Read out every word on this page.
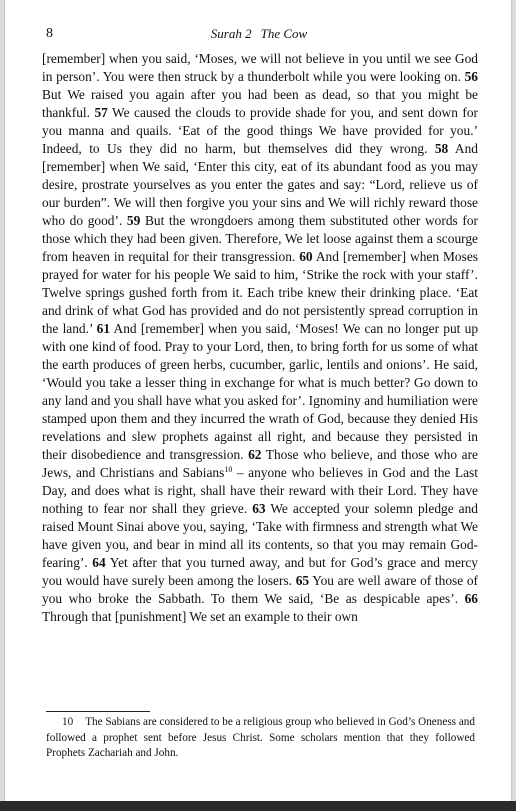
8	Surah 2 The Cow
[remember] when you said, ‘Moses, we will not believe in you until we see God in person’. You were then struck by a thunderbolt while you were looking on. 56 But We raised you again after you had been as dead, so that you might be thankful. 57 We caused the clouds to provide shade for you, and sent down for you manna and quails. ‘Eat of the good things We have provided for you.’ Indeed, to Us they did no harm, but themselves did they wrong. 58 And [remember] when We said, ‘Enter this city, eat of its abundant food as you may desire, prostrate yourselves as you enter the gates and say: “Lord, relieve us of our burden”. We will then forgive you your sins and We will richly reward those who do good’. 59 But the wrongdoers among them substituted other words for those which they had been given. Therefore, We let loose against them a scourge from heaven in requital for their transgression. 60 And [remember] when Moses prayed for water for his people We said to him, ‘Strike the rock with your staff’. Twelve springs gushed forth from it. Each tribe knew their drinking place. ‘Eat and drink of what God has provided and do not persistently spread corruption in the land.’ 61 And [remember] when you said, ‘Moses! We can no longer put up with one kind of food. Pray to your Lord, then, to bring forth for us some of what the earth produces of green herbs, cucumber, garlic, lentils and onions’. He said, ‘Would you take a lesser thing in exchange for what is much better? Go down to any land and you shall have what you asked for’. Ignominy and humiliation were stamped upon them and they incurred the wrath of God, because they denied His revelations and slew prophets against all right, and because they persisted in their disobedience and transgression. 62 Those who believe, and those who are Jews, and Christians and Sabians$^{10}$ – anyone who believes in God and the Last Day, and does what is right, shall have their reward with their Lord. They have nothing to fear nor shall they grieve. 63 We accepted your solemn pledge and raised Mount Sinai above you, saying, ‘Take with firmness and strength what We have given you, and bear in mind all its contents, so that you may remain God-fearing’. 64 Yet after that you turned away, and but for God’s grace and mercy you would have surely been among the losers. 65 You are well aware of those of you who broke the Sabbath. To them We said, ‘Be as despicable apes’. 66 Through that [punishment] We set an example to their own
10 The Sabians are considered to be a religious group who believed in God’s Oneness and followed a prophet sent before Jesus Christ. Some scholars mention that they followed Prophets Zachariah and John.
